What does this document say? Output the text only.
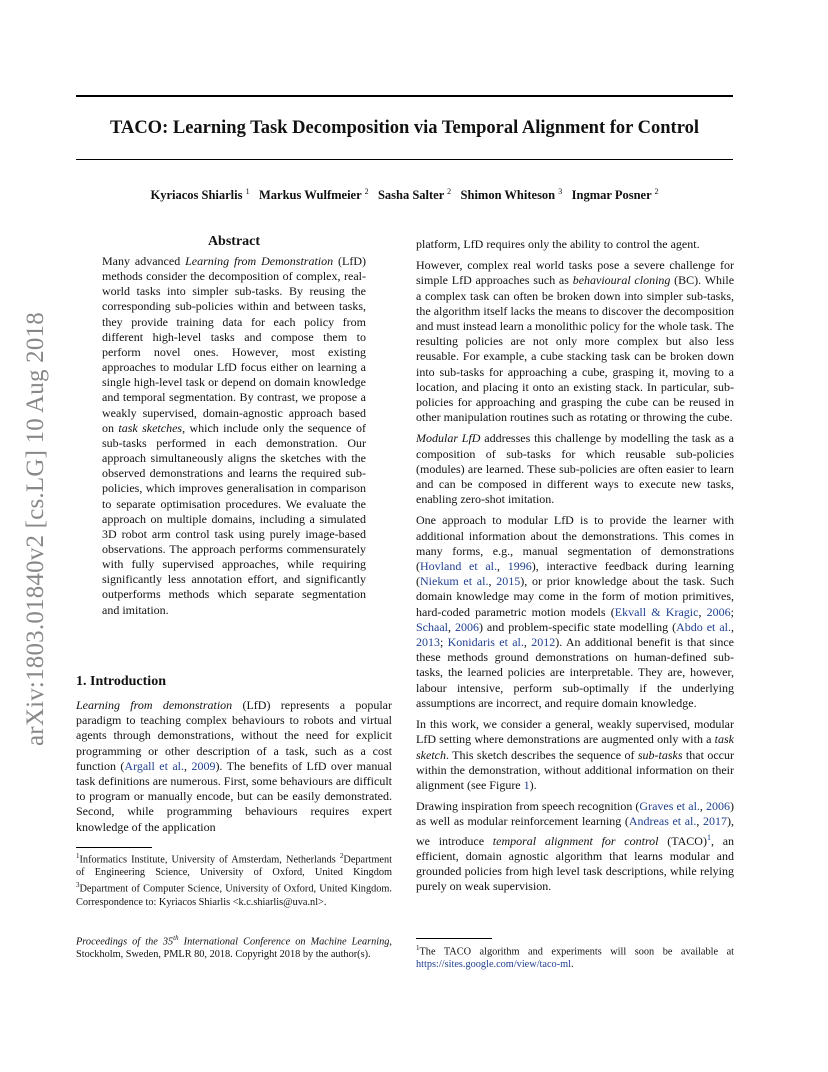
TACO: Learning Task Decomposition via Temporal Alignment for Control
Kyriacos Shiarlis $^1$ Markus Wulfmeier $^2$ Sasha Salter $^2$ Shimon Whiteson $^3$ Ingmar Posner $^2$
arXiv:1803.01840v2 [cs.LG] 10 Aug 2018
Abstract
Many advanced Learning from Demonstration (LfD) methods consider the decomposition of complex, real-world tasks into simpler sub-tasks. By reusing the corresponding sub-policies within and between tasks, they provide training data for each policy from different high-level tasks and compose them to perform novel ones. However, most existing approaches to modular LfD focus either on learning a single high-level task or depend on domain knowledge and temporal segmentation. By contrast, we propose a weakly supervised, domain-agnostic approach based on task sketches, which include only the sequence of sub-tasks performed in each demonstration. Our approach simultaneously aligns the sketches with the observed demonstrations and learns the required sub-policies, which improves generalisation in comparison to separate optimisation procedures. We evaluate the approach on multiple domains, including a simulated 3D robot arm control task using purely image-based observations. The approach performs commensurately with fully supervised approaches, while requiring significantly less annotation effort, and significantly outperforms methods which separate segmentation and imitation.
1. Introduction

Learning from demonstration (LfD) represents a popular paradigm to teaching complex behaviours to robots and virtual agents through demonstrations, without the need for explicit programming or other description of a task, such as a cost function (Argall et al., 2009). The benefits of LfD over manual task definitions are numerous. First, some behaviours are difficult to program or manually encode, but can be easily demonstrated. Second, while programming behaviours requires expert knowledge of the application

$^1$Informatics Institute, University of Amsterdam, Netherlands $^2$Department of Engineering Science, University of Oxford, United Kingdom $^3$Department of Computer Science, University of Oxford, United Kingdom. Correspondence to: Kyriacos Shiarlis <k.c.shiarlis@uva.nl>.
Proceedings of the 35th International Conference on Machine Learning, Stockholm, Sweden, PMLR 80, 2018. Copyright 2018 by the author(s).

platform, LfD requires only the ability to control the agent.

However, complex real world tasks pose a severe challenge for simple LfD approaches such as behavioural cloning (BC). While a complex task can often be broken down into simpler sub-tasks, the algorithm itself lacks the means to discover the decomposition and must instead learn a monolithic policy for the whole task. The resulting policies are not only more complex but also less reusable. For example, a cube stacking task can be broken down into sub-tasks for approaching a cube, grasping it, moving to a location, and placing it onto an existing stack. In particular, sub-policies for approaching and grasping the cube can be reused in other manipulation routines such as rotating or throwing the cube.

Modular LfD addresses this challenge by modelling the task as a composition of sub-tasks for which reusable sub-policies (modules) are learned. These sub-policies are often easier to learn and can be composed in different ways to execute new tasks, enabling zero-shot imitation.

One approach to modular LfD is to provide the learner with additional information about the demonstrations. This comes in many forms, e.g., manual segmentation of demonstrations (Hovland et al., 1996), interactive feedback during learning (Niekum et al., 2015), or prior knowledge about the task. Such domain knowledge may come in the form of motion primitives, hard-coded parametric motion models (Ekvall & Kragic, 2006; Schaal, 2006) and problem-specific state modelling (Abdo et al., 2013; Konidaris et al., 2012). An additional benefit is that since these methods ground demonstrations on human-defined sub-tasks, the learned policies are interpretable. They are, however, labour intensive, perform sub-optimally if the underlying assumptions are incorrect, and require domain knowledge.

In this work, we consider a general, weakly supervised, modular LfD setting where demonstrations are augmented only with a task sketch. This sketch describes the sequence of sub-tasks that occur within the demonstration, without additional information on their alignment (see Figure 1).

Drawing inspiration from speech recognition (Graves et al., 2006) as well as modular reinforcement learning (Andreas et al., 2017), we introduce temporal alignment for control (TACO)$^1$, an efficient, domain agnostic algorithm that learns modular and grounded policies from high level task descriptions, while relying purely on weak supervision.

$^1$The TACO algorithm and experiments will soon be available at https://sites.google.com/view/taco-ml.
